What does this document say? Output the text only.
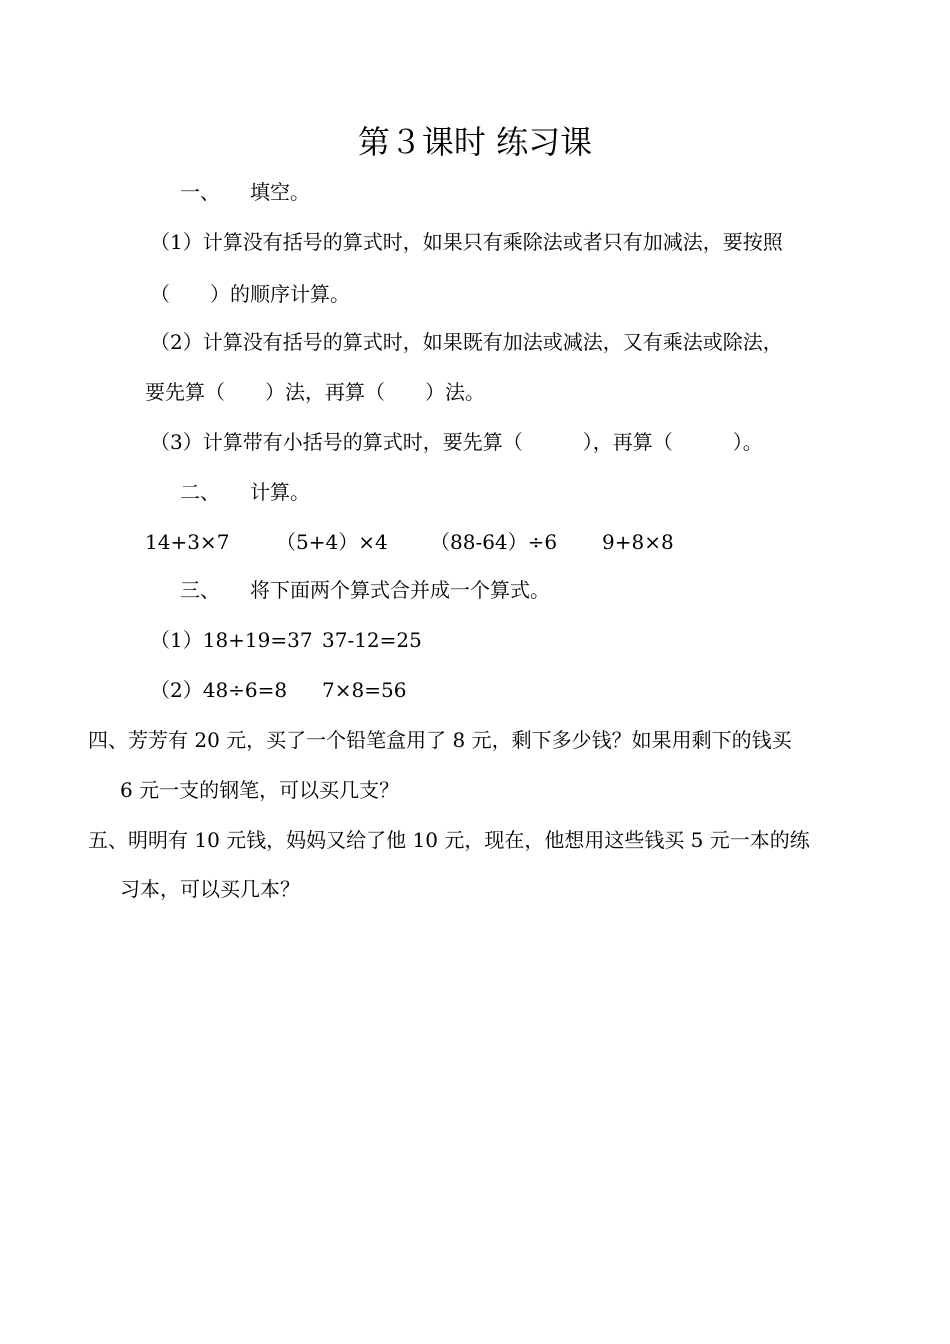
第３课时 练习课
一、 填空。
（1）计算没有括号的算式时，如果只有乘除法或者只有加减法，要按照
（　　）的顺序计算。
（2）计算没有括号的算式时，如果既有加法或减法，又有乘法或除法，
要先算（　　）法，再算（　　）法。
（3）计算带有小括号的算式时，要先算（　　　），再算（　　　）。
二、 计算。
14+3×7 （5+4）×4 （88-64）÷6 9+8×8
三、 将下面两个算式合并成一个算式。
（1）18+19=37 37-12=25
（2）48÷6=8 7×8=56
四、芳芳有 20 元，买了一个铅笔盒用了 8 元，剩下多少钱？如果用剩下的钱买
6 元一支的钢笔，可以买几支？
五、明明有 10 元钱，妈妈又给了他 10 元，现在，他想用这些钱买 5 元一本的练
习本，可以买几本？
